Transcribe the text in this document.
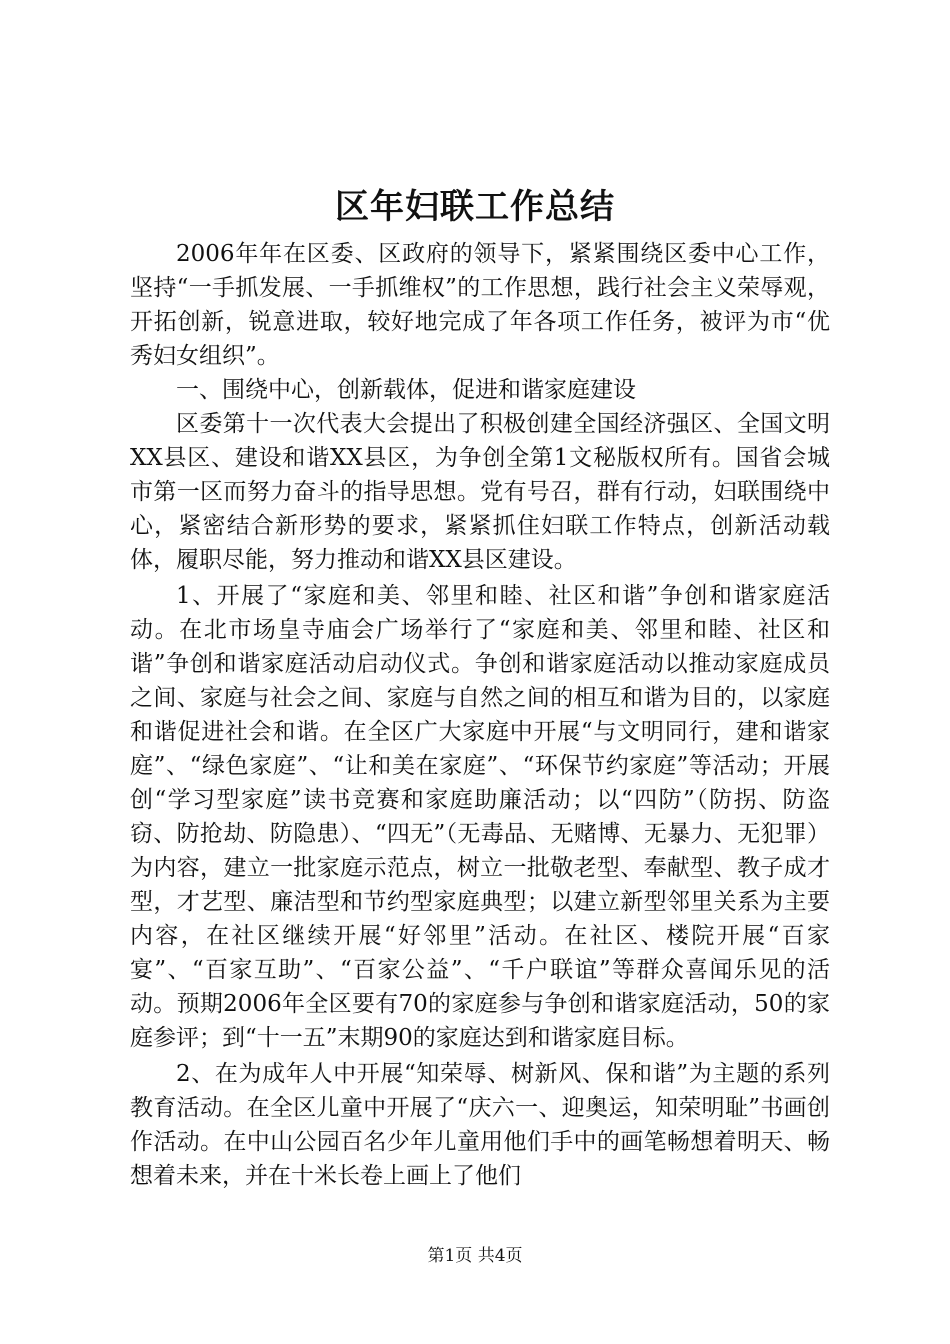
区年妇联工作总结

2006年年在区委、区政府的领导下，紧紧围绕区委中心工作，坚持“一手抓发展、一手抓维权”的工作思想，践行社会主义荣辱观，开拓创新，锐意进取，较好地完成了年各项工作任务，被评为市“优秀妇女组织”。

一、围绕中心，创新载体，促进和谐家庭建设

区委第十一次代表大会提出了积极创建全国经济强区、全国文明XX县区、建设和谐XX县区，为争创全第1文秘版权所有。国省会城市第一区而努力奋斗的指导思想。党有号召，群有行动，妇联围绕中心，紧密结合新形势的要求，紧紧抓住妇联工作特点，创新活动载体，履职尽能，努力推动和谐XX县区建设。

1、开展了“家庭和美、邻里和睦、社区和谐”争创和谐家庭活动。在北市场皇寺庙会广场举行了“家庭和美、邻里和睦、社区和谐”争创和谐家庭活动启动仪式。争创和谐家庭活动以推动家庭成员之间、家庭与社会之间、家庭与自然之间的相互和谐为目的，以家庭和谐促进社会和谐。在全区广大家庭中开展“与文明同行，建和谐家庭”、“绿色家庭”、“让和美在家庭”、“环保节约家庭”等活动；开展创“学习型家庭”读书竞赛和家庭助廉活动；以“四防”（防拐、防盗窃、防抢劫、防隐患）、“四无”（无毒品、无赌博、无暴力、无犯罪）为内容，建立一批家庭示范点，树立一批敬老型、奉献型、教子成才型，才艺型、廉洁型和节约型家庭典型；以建立新型邻里关系为主要内容，在社区继续开展“好邻里”活动。在社区、楼院开展“百家宴”、“百家互助”、“百家公益”、“千户联谊”等群众喜闻乐见的活动。预期2006年全区要有70的家庭参与争创和谐家庭活动，50的家庭参评；到“十一五”末期90的家庭达到和谐家庭目标。

2、在为成年人中开展“知荣辱、树新风、保和谐”为主题的系列教育活动。在全区儿童中开展了“庆六一、迎奥运，知荣明耻”书画创作活动。在中山公园百名少年儿童用他们手中的画笔畅想着明天、畅想着未来，并在十米长卷上画上了他们

第1页 共4页
